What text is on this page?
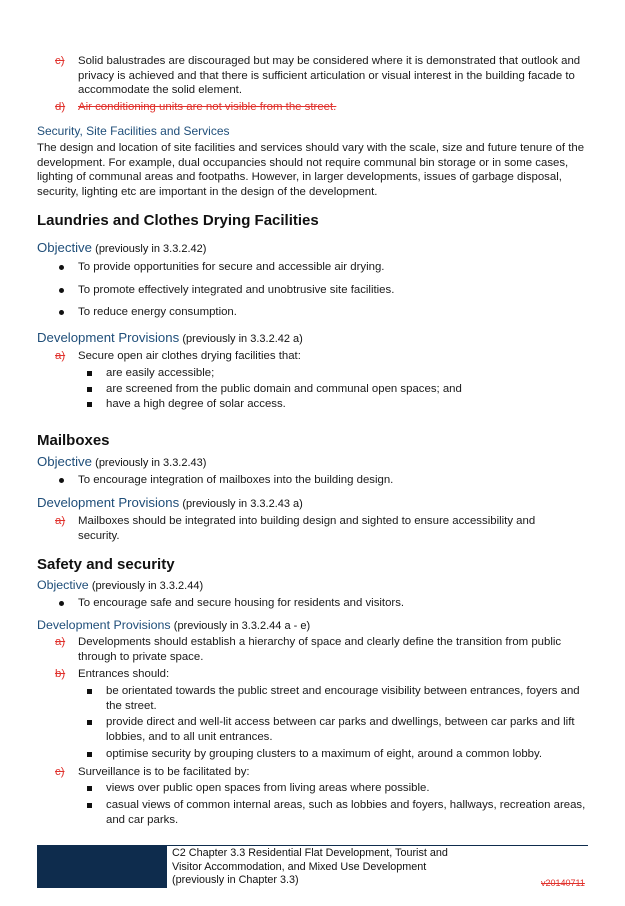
c) Solid balustrades are discouraged but may be considered where it is demonstrated that outlook and privacy is achieved and that there is sufficient articulation or visual interest in the building facade to accommodate the solid element.
d) Air conditioning units are not visible from the street.
Security, Site Facilities and Services
The design and location of site facilities and services should vary with the scale, size and future tenure of the development. For example, dual occupancies should not require communal bin storage or in some cases, lighting of communal areas and footpaths. However, in larger developments, issues of garbage disposal, security, lighting etc are important in the design of the development.
Laundries and Clothes Drying Facilities
Objective (previously in 3.3.2.42)
To provide opportunities for secure and accessible air drying.
To promote effectively integrated and unobtrusive site facilities.
To reduce energy consumption.
Development Provisions (previously in 3.3.2.42 a)
a) Secure open air clothes drying facilities that:
are easily accessible;
are screened from the public domain and communal open spaces; and
have a high degree of solar access.
Mailboxes
Objective (previously in 3.3.2.43)
To encourage integration of mailboxes into the building design.
Development Provisions (previously in 3.3.2.43 a)
a) Mailboxes should be integrated into building design and sighted to ensure accessibility and security.
Safety and security
Objective (previously in 3.3.2.44)
To encourage safe and secure housing for residents and visitors.
Development Provisions (previously in 3.3.2.44 a - e)
a) Developments should establish a hierarchy of space and clearly define the transition from public through to private space.
b) Entrances should:
be orientated towards the public street and encourage visibility between entrances, foyers and the street.
provide direct and well-lit access between car parks and dwellings, between car parks and lift lobbies, and to all unit entrances.
optimise security by grouping clusters to a maximum of eight, around a common lobby.
c) Surveillance is to be facilitated by:
views over public open spaces from living areas where possible.
casual views of common internal areas, such as lobbies and foyers, hallways, recreation areas, and car parks.
C2 Chapter 3.3 Residential Flat Development, Tourist and Visitor Accommodation, and Mixed Use Development (previously in Chapter 3.3)	v20140711
